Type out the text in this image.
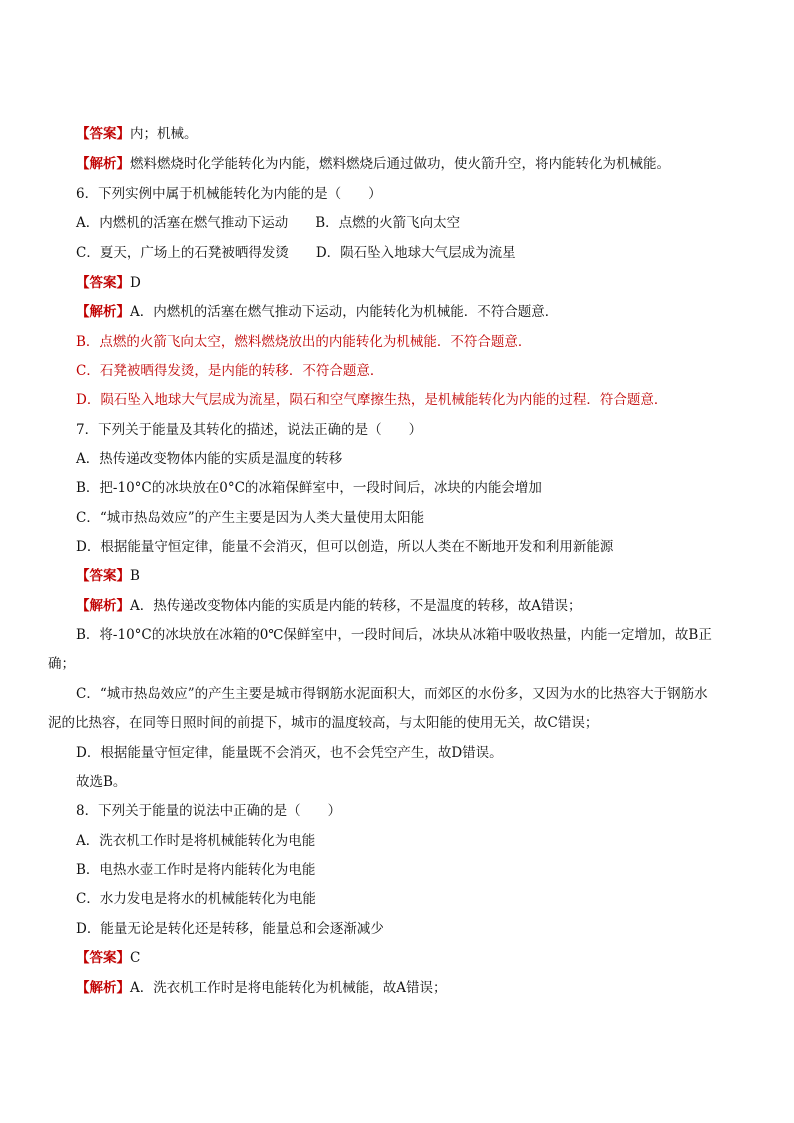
【答案】内；机械。
【解析】燃料燃烧时化学能转化为内能，燃料燃烧后通过做功，使火箭升空，将内能转化为机械能。
6．下列实例中属于机械能转化为内能的是（　　）
A．内燃机的活塞在燃气推动下运动　　B．点燃的火箭飞向太空
C．夏天，广场上的石凳被晒得发烫　　D．陨石坠入地球大气层成为流星
【答案】D
【解析】A．内燃机的活塞在燃气推动下运动，内能转化为机械能．不符合题意．
B．点燃的火箭飞向太空，燃料燃烧放出的内能转化为机械能．不符合题意．
C．石凳被晒得发烫，是内能的转移．不符合题意．
D．陨石坠入地球大气层成为流星，陨石和空气摩擦生热，是机械能转化为内能的过程．符合题意．
7．下列关于能量及其转化的描述，说法正确的是（　　）
A．热传递改变物体内能的实质是温度的转移
B．把-10°C的冰块放在0°C的冰箱保鲜室中，一段时间后，冰块的内能会增加
C．“城市热岛效应”的产生主要是因为人类大量使用太阳能
D．根据能量守恒定律，能量不会消灭，但可以创造，所以人类在不断地开发和利用新能源
【答案】B
【解析】A．热传递改变物体内能的实质是内能的转移，不是温度的转移，故A错误；
B．将-10°C的冰块放在冰箱的0℃保鲜室中，一段时间后，冰块从冰箱中吸收热量，内能一定增加，故B正
确；
C．“城市热岛效应”的产生主要是城市得钢筋水泥面积大，而郊区的水份多，又因为水的比热容大于钢筋水
泥的比热容，在同等日照时间的前提下，城市的温度较高，与太阳能的使用无关，故C错误；
D．根据能量守恒定律，能量既不会消灭，也不会凭空产生，故D错误。
故选B。
8．下列关于能量的说法中正确的是（　　）
A．洗衣机工作时是将机械能转化为电能
B．电热水壶工作时是将内能转化为电能
C．水力发电是将水的机械能转化为电能
D．能量无论是转化还是转移，能量总和会逐渐减少
【答案】C
【解析】A．洗衣机工作时是将电能转化为机械能，故A错误；
